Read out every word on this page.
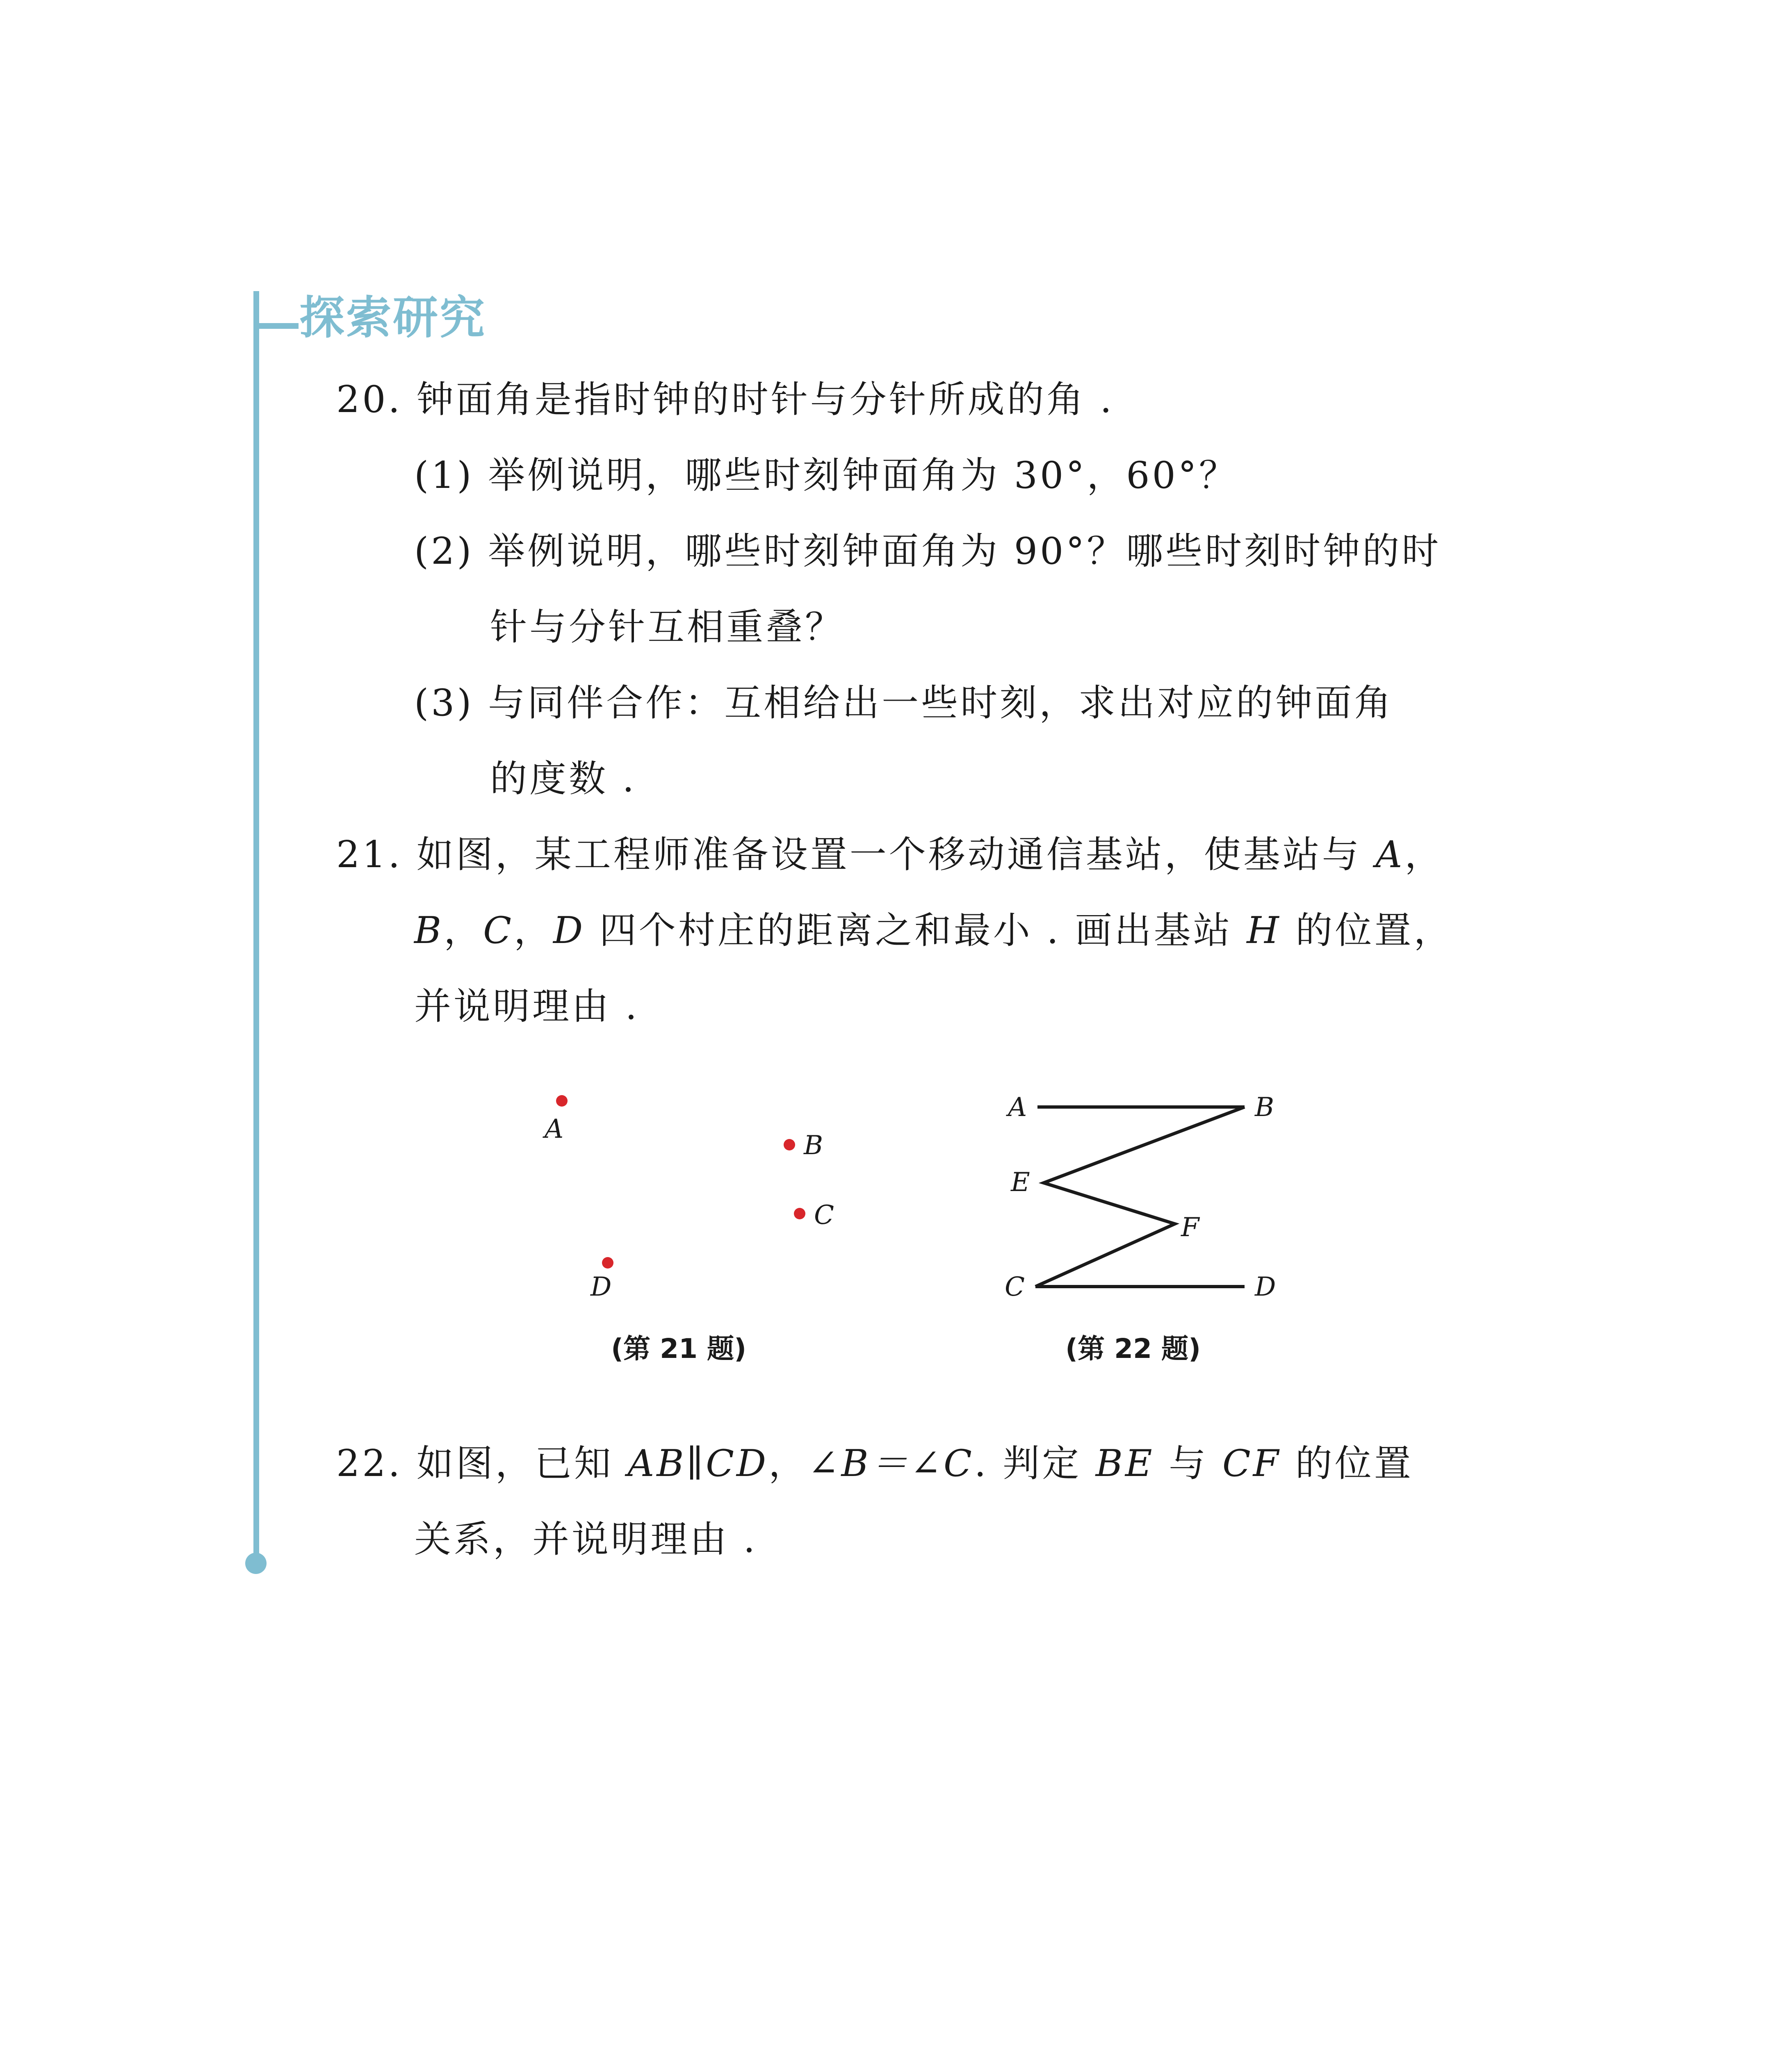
探索研究
20. 钟面角是指时钟的时针与分针所成的角 .
(1) 举例说明，哪些时刻钟面角为 30°，60°？
(2) 举例说明，哪些时刻钟面角为 90°？哪些时刻时钟的时
针与分针互相重叠？
(3) 与同伴合作：互相给出一些时刻，求出对应的钟面角
的度数 .
21. 如图，某工程师准备设置一个移动通信基站，使基站与 A，
B，C，D 四个村庄的距离之和最小 . 画出基站 H 的位置，
并说明理由 .
A
B
C
D
(第 21 题)
A	B
E
F
C	D
(第 22 题)
22. 如图，已知 AB∥CD，∠B＝∠C. 判定 BE 与 CF 的位置
关系，并说明理由 .
